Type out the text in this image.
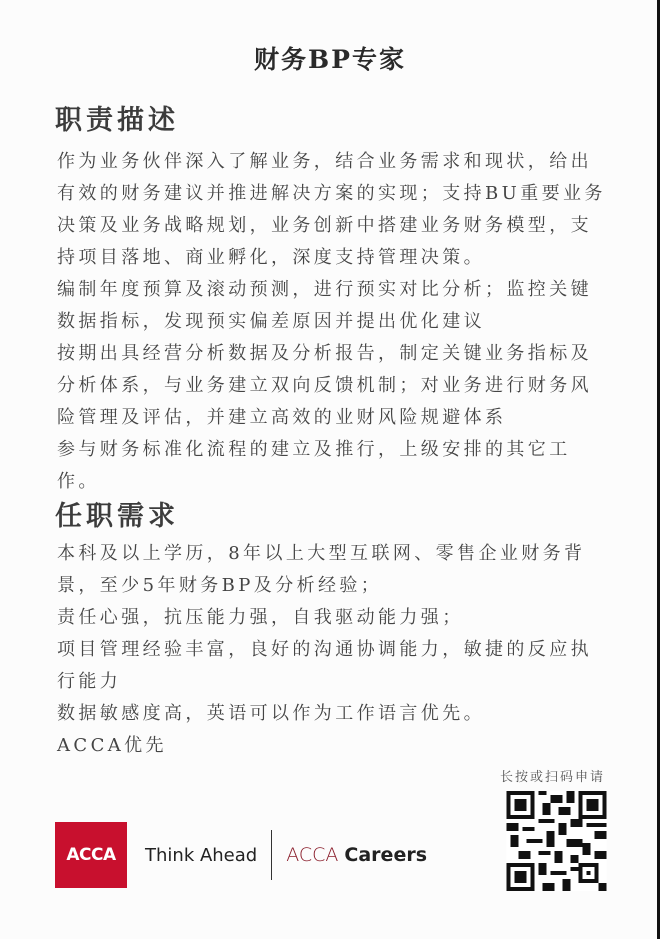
财务BP专家
职责描述
作为业务伙伴深入了解业务，结合业务需求和现状，给出
有效的财务建议并推进解决方案的实现；支持BU重要业务
决策及业务战略规划，业务创新中搭建业务财务模型，支
持项目落地、商业孵化，深度支持管理决策。
编制年度预算及滚动预测，进行预实对比分析；监控关键
数据指标，发现预实偏差原因并提出优化建议
按期出具经营分析数据及分析报告，制定关键业务指标及
分析体系，与业务建立双向反馈机制；对业务进行财务风
险管理及评估，并建立高效的业财风险规避体系
参与财务标准化流程的建立及推行，上级安排的其它工
作。
任职需求
本科及以上学历，8年以上大型互联网、零售企业财务背
景，至少5年财务BP及分析经验；
责任心强，抗压能力强，自我驱动能力强；
项目管理经验丰富，良好的沟通协调能力，敏捷的反应执
行能力
数据敏感度高，英语可以作为工作语言优先。
ACCA优先
ACCA	Think Ahead ACCA Careers
长按或扫码申请
